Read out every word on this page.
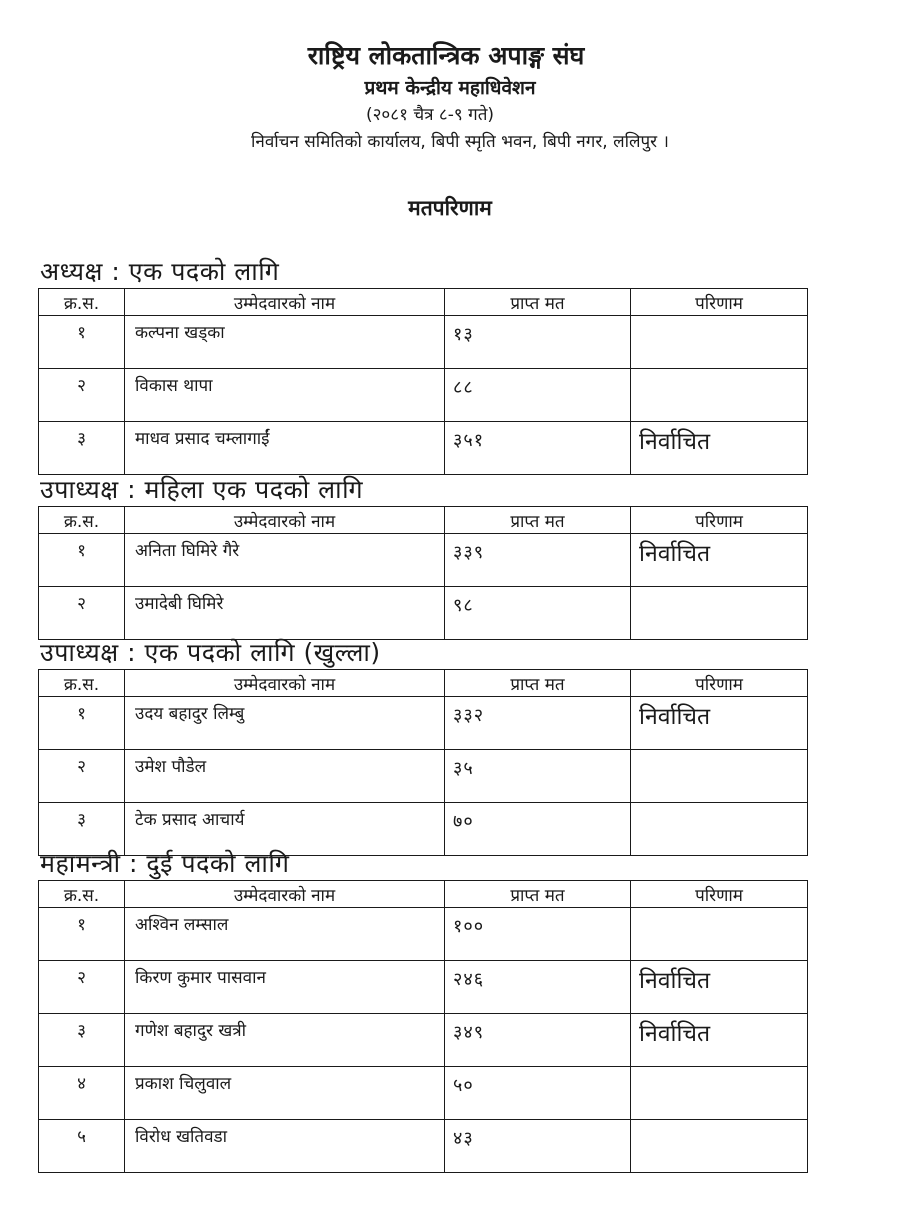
राष्ट्रिय लोकतान्त्रिक अपाङ्ग संघ
प्रथम केन्द्रीय महाधिवेशन
(२०८१ चैत्र ८-९ गते)
निर्वाचन समितिको कार्यालय, बिपी स्मृति भवन, बिपी नगर, ललिपुर ।
मतपरिणाम
अध्यक्ष : एक पदको लागि
क्र.स.	उम्मेदवारको नाम	प्राप्त मत	परिणाम
१	कल्पना खड्का	१३	
२	विकास थापा	८८	
३	माधव प्रसाद चम्लागाईं	३५१	निर्वाचित
उपाध्यक्ष : महिला एक पदको लागि
क्र.स.	उम्मेदवारको नाम	प्राप्त मत	परिणाम
१	अनिता घिमिरे गैरे	३३९	निर्वाचित
२	उमादेबी घिमिरे	९८	
उपाध्यक्ष : एक पदको लागि (खुल्ला)
क्र.स.	उम्मेदवारको नाम	प्राप्त मत	परिणाम
१	उदय बहादुर लिम्बु	३३२	निर्वाचित
२	उमेश पौडेल	३५	
३	टेक प्रसाद आचार्य	७०	
महामन्त्री : दुई पदको लागि
क्र.स.	उम्मेदवारको नाम	प्राप्त मत	परिणाम
१	अश्विन लम्साल	१००	
२	किरण कुमार पासवान	२४६	निर्वाचित
३	गणेश बहादुर खत्री	३४९	निर्वाचित
४	प्रकाश चिलुवाल	५०	
५	विरोध खतिवडा	४३	
